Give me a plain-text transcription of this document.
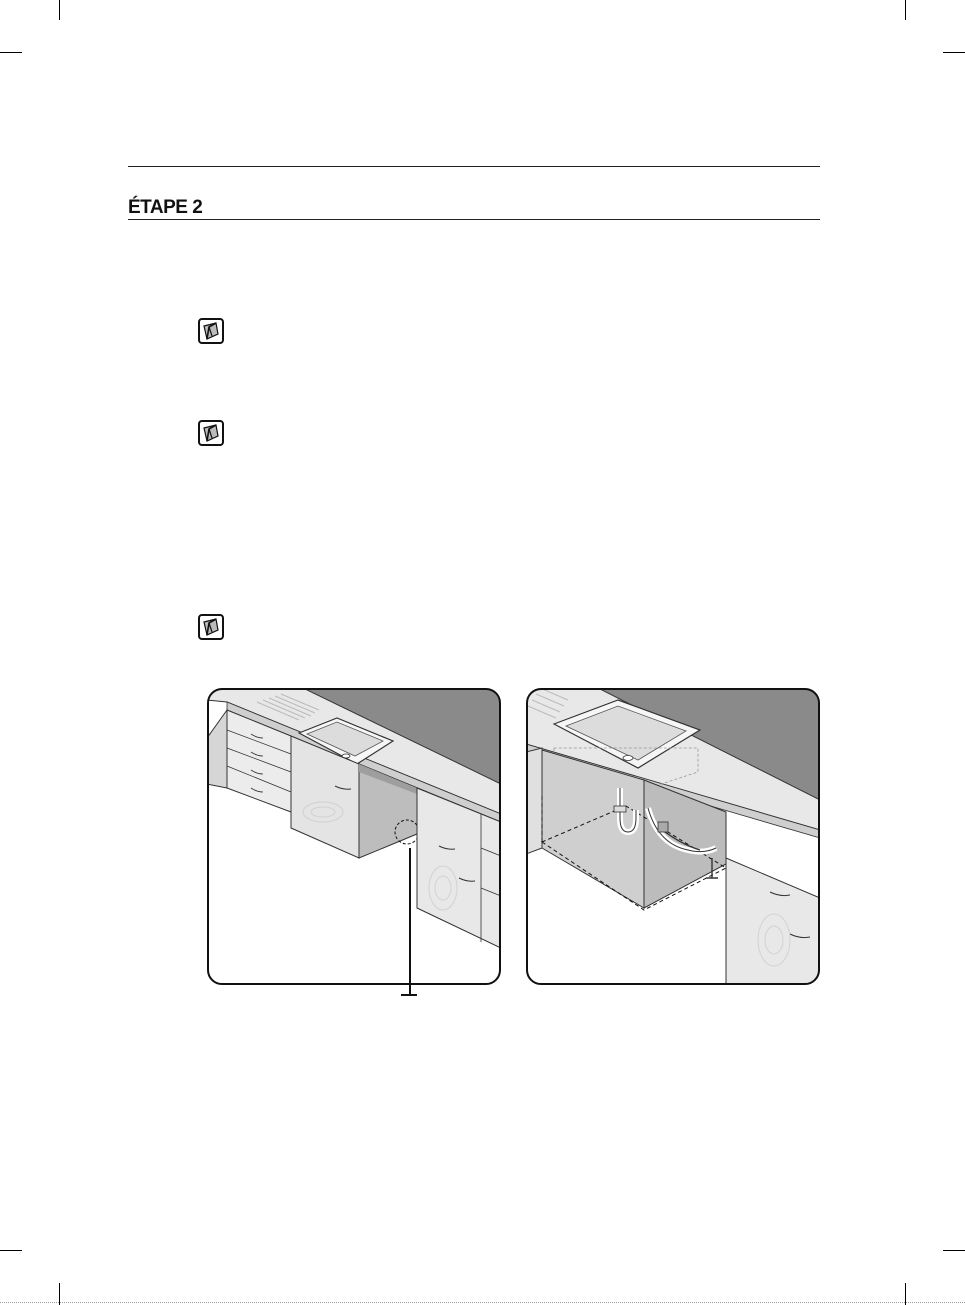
ÉTAPE 2
